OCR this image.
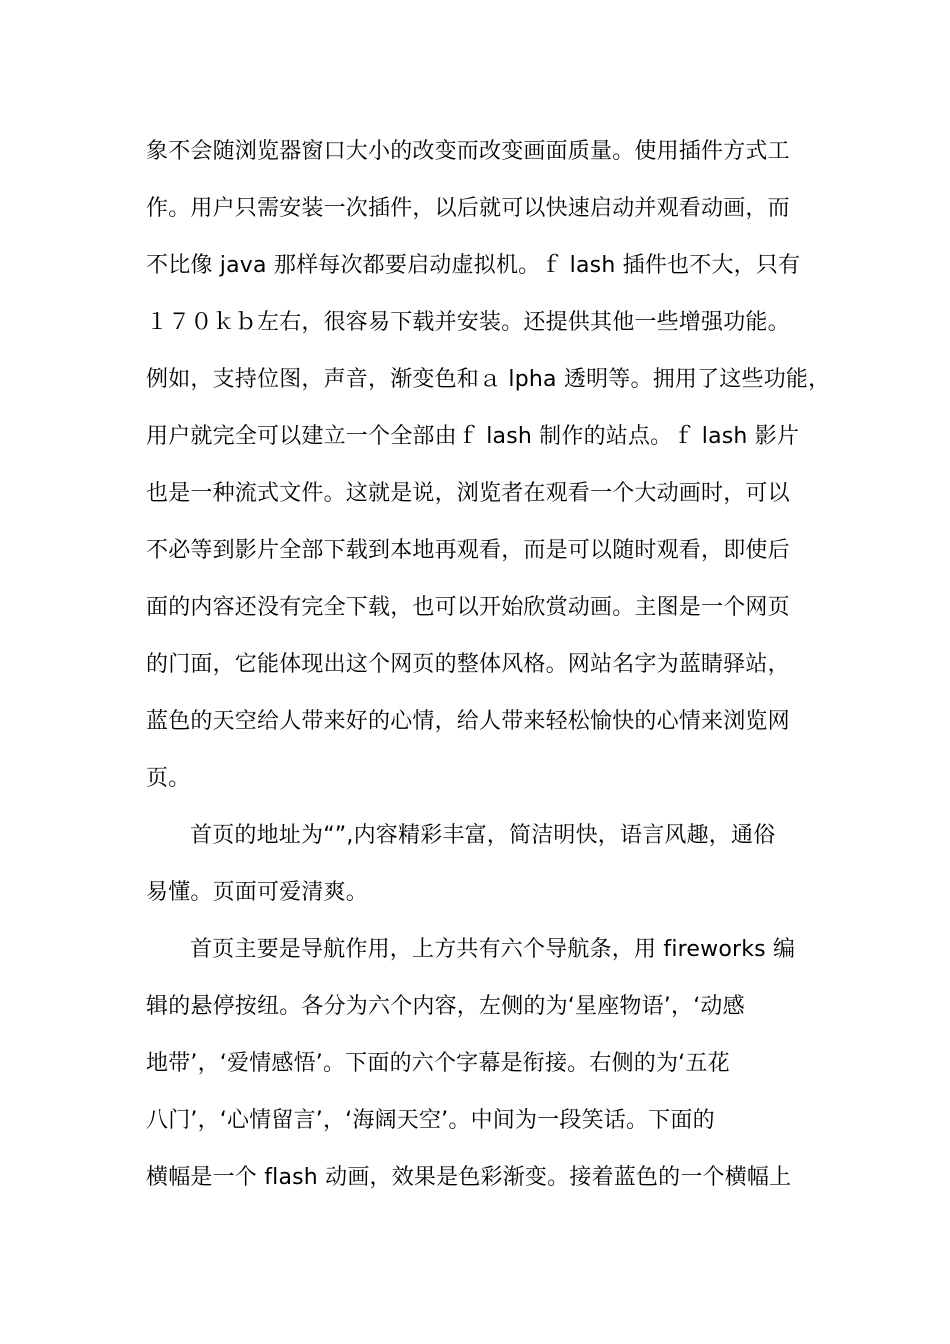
象不会随浏览器窗口大小的改变而改变画面质量。使用插件方式工
作。用户只需安装一次插件，以后就可以快速启动并观看动画，而
不比像 java 那样每次都要启动虚拟机。ｆ lash 插件也不大，只有
１７０ｋｂ左右，很容易下载并安装。还提供其他一些增强功能。
例如，支持位图，声音，渐变色和ａ lpha 透明等。拥用了这些功能，
用户就完全可以建立一个全部由ｆ lash 制作的站点。ｆ lash 影片
也是一种流式文件。这就是说，浏览者在观看一个大动画时，可以
不必等到影片全部下载到本地再观看，而是可以随时观看，即使后
面的内容还没有完全下载，也可以开始欣赏动画。主图是一个网页
的门面，它能体现出这个网页的整体风格。网站名字为蓝睛驿站，
蓝色的天空给人带来好的心情，给人带来轻松愉快的心情来浏览网
页。
首页的地址为“”,内容精彩丰富，简洁明快，语言风趣，通俗
易懂。页面可爱清爽。
首页主要是导航作用，上方共有六个导航条，用 fireworks 编
辑的悬停按纽。各分为六个内容，左侧的为‘星座物语’，‘动感
地带’，‘爱情感悟’。下面的六个字幕是衔接。右侧的为‘五花
八门’，‘心情留言’，‘海阔天空’。中间为一段笑话。下面的
横幅是一个 flash 动画，效果是色彩渐变。接着蓝色的一个横幅上
